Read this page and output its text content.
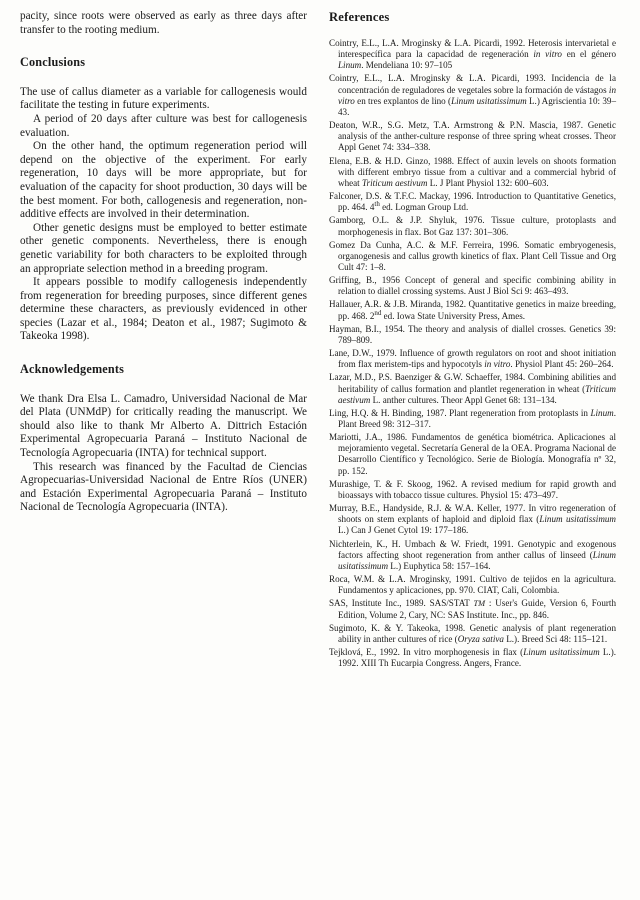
pacity, since roots were observed as early as three days after transfer to the rooting medium.

Conclusions

The use of callus diameter as a variable for callogenesis would facilitate the testing in future experiments.

A period of 20 days after culture was best for callogenesis evaluation.

On the other hand, the optimum regeneration period will depend on the objective of the experiment. For early regeneration, 10 days will be more appropriate, but for evaluation of the capacity for shoot production, 30 days will be the best moment. For both, callogenesis and regeneration, non-additive effects are involved in their determination.

Other genetic designs must be employed to better estimate other genetic components. Nevertheless, there is enough genetic variability for both characters to be exploited through an appropriate selection method in a breeding program.

It appears possible to modify callogenesis independently from regeneration for breeding purposes, since different genes determine these characters, as previously evidenced in other species (Lazar et al., 1984; Deaton et al., 1987; Sugimoto & Takeoka 1998).

Acknowledgements

We thank Dra Elsa L. Camadro, Universidad Nacional de Mar del Plata (UNMdP) for critically reading the manuscript. We should also like to thank Mr Alberto A. Dittrich Estación Experimental Agropecuaria Paraná – Instituto Nacional de Tecnología Agropecuaria (INTA) for technical support.

This research was financed by the Facultad de Ciencias Agropecuarias-Universidad Nacional de Entre Ríos (UNER) and Estación Experimental Agropecuaria Paraná – Instituto Nacional de Tecnología Agropecuaria (INTA).

References

Cointry, E.L., L.A. Mroginsky & L.A. Picardi, 1992. Heterosis intervarietal e interespecífica para la capacidad de regeneración in vitro en el género Linum. Mendeliana 10: 97–105

Cointry, E.L., L.A. Mroginsky & L.A. Picardi, 1993. Incidencia de la concentración de reguladores de vegetales sobre la formación de vástagos in vitro en tres explantos de lino (Linum usitatissimum L.) Agriscientia 10: 39–43.

Deaton, W.R., S.G. Metz, T.A. Armstrong & P.N. Mascia, 1987. Genetic analysis of the anther-culture response of three spring wheat crosses. Theor Appl Genet 74: 334–338.

Elena, E.B. & H.D. Ginzo, 1988. Effect of auxin levels on shoots formation with different embryo tissue from a cultivar and a commercial hybrid of wheat Triticum aestivum L. J Plant Physiol 132: 600–603.

Falconer, D.S. & T.F.C. Mackay, 1996. Introduction to Quantitative Genetics, pp. 464. 4th ed. Logman Group Ltd.

Gamborg, O.L. & J.P. Shyluk, 1976. Tissue culture, protoplasts and morphogenesis in flax. Bot Gaz 137: 301–306.

Gomez Da Cunha, A.C. & M.F. Ferreira, 1996. Somatic embryogenesis, organogenesis and callus growth kinetics of flax. Plant Cell Tissue and Org Cult 47: 1–8.

Griffing, B., 1956 Concept of general and specific combining ability in relation to diallel crossing systems. Aust J Biol Sci 9: 463–493.

Hallauer, A.R. & J.B. Miranda, 1982. Quantitative genetics in maize breeding, pp. 468. 2nd ed. Iowa State University Press, Ames.

Hayman, B.I., 1954. The theory and analysis of diallel crosses. Genetics 39: 789–809.

Lane, D.W., 1979. Influence of growth regulators on root and shoot initiation from flax meristem-tips and hypocotyls in vitro. Physiol Plant 45: 260–264.

Lazar, M.D., P.S. Baenziger & G.W. Schaeffer, 1984. Combining abilities and heritability of callus formation and plantlet regeneration in wheat (Triticum aestivum L. anther cultures. Theor Appl Genet 68: 131–134.

Ling, H.Q. & H. Binding, 1987. Plant regeneration from protoplasts in Linum. Plant Breed 98: 312–317.

Mariotti, J.A., 1986. Fundamentos de genética biométrica. Aplicaciones al mejoramiento vegetal. Secretaría General de la OEA. Programa Nacional de Desarrollo Científico y Tecnológico. Serie de Biología. Monografía nº 32, pp. 152.

Murashige, T. & F. Skoog, 1962. A revised medium for rapid growth and bioassays with tobacco tissue cultures. Physiol 15: 473–497.

Murray, B.E., Handyside, R.J. & W.A. Keller, 1977. In vitro regeneration of shoots on stem explants of haploid and diploid flax (Linum usitatissimum L.) Can J Genet Cytol 19: 177–186.

Nichterlein, K., H. Umbach & W. Friedt, 1991. Genotypic and exogenous factors affecting shoot regeneration from anther callus of linseed (Linum usitatissimum L.) Euphytica 58: 157–164.

Roca, W.M. & L.A. Mroginsky, 1991. Cultivo de tejidos en la agricultura. Fundamentos y aplicaciones, pp. 970. CIAT, Cali, Colombia.

SAS, Institute Inc., 1989. SAS/STAT TM : User's Guide, Version 6, Fourth Edition, Volume 2, Cary, NC: SAS Institute. Inc., pp. 846.

Sugimoto, K. & Y. Takeoka, 1998. Genetic analysis of plant regeneration ability in anther cultures of rice (Oryza sativa L.). Breed Sci 48: 115–121.

Tejklová, E., 1992. In vitro morphogenesis in flax (Linum usitatissimum L.). 1992. XIII Th Eucarpia Congress. Angers, France.
